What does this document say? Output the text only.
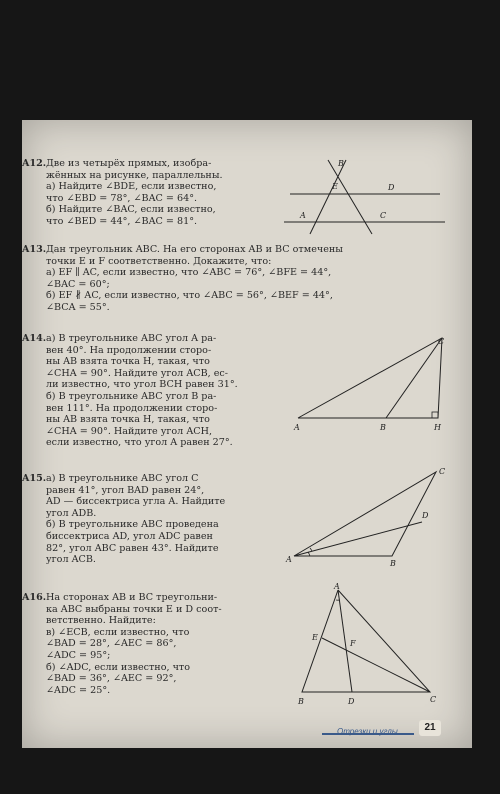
A12. Две из четырёх прямых, изобра-
жённых на рисунке, параллельны.
а) Найдите ∠BDE, если известно,
что ∠EBD = 78°, ∠BAC = 64°.
б) Найдите ∠BAC, если известно,
что ∠BED = 44°, ∠BAC = 81°.
B
E	D
A	C
A13. Дан треугольник ABC. На его сторонах AB и BC отмечены
точки E и F соответственно. Докажите, что:
а) EF ∥ AC, если известно, что ∠ABC = 76°, ∠BFE = 44°,
∠BAC = 60°;
б) EF ∦ AC, если известно, что ∠ABC = 56°, ∠BEF = 44°,
∠BCA = 55°.
A14. а) В треугольнике ABC угол A ра-
вен 40°. На продолжении сторо-
ны AB взята точка H, такая, что
∠CHA = 90°. Найдите угол ACB, ес-
ли известно, что угол BCH равен 31°.
б) В треугольнике ABC угол B ра-
вен 111°. На продолжении сторо-
ны AB взята точка H, такая, что
∠CHA = 90°. Найдите угол ACH,
если известно, что угол A равен 27°.
C
A	B	H
A15. а) В треугольнике ABC угол C
равен 41°, угол BAD равен 24°,
AD — биссектриса угла A. Найдите
угол ADB.
б) В треугольнике ABC проведена
биссектриса AD, угол ADC равен
82°, угол ABC равен 43°. Найдите
угол ACB.
C
D
A	B
A16. На сторонах AB и BC треугольни-
ка ABC выбраны точки E и D соот-
ветственно. Найдите:
в) ∠ECB, если известно, что
∠BAD = 28°, ∠AEC = 86°,
∠ADC = 95°;
б) ∠ADC, если известно, что
∠BAD = 36°, ∠AEC = 92°,
∠ADC = 25°.
A
E
F
B	D	C
Отрезки и углы	21
